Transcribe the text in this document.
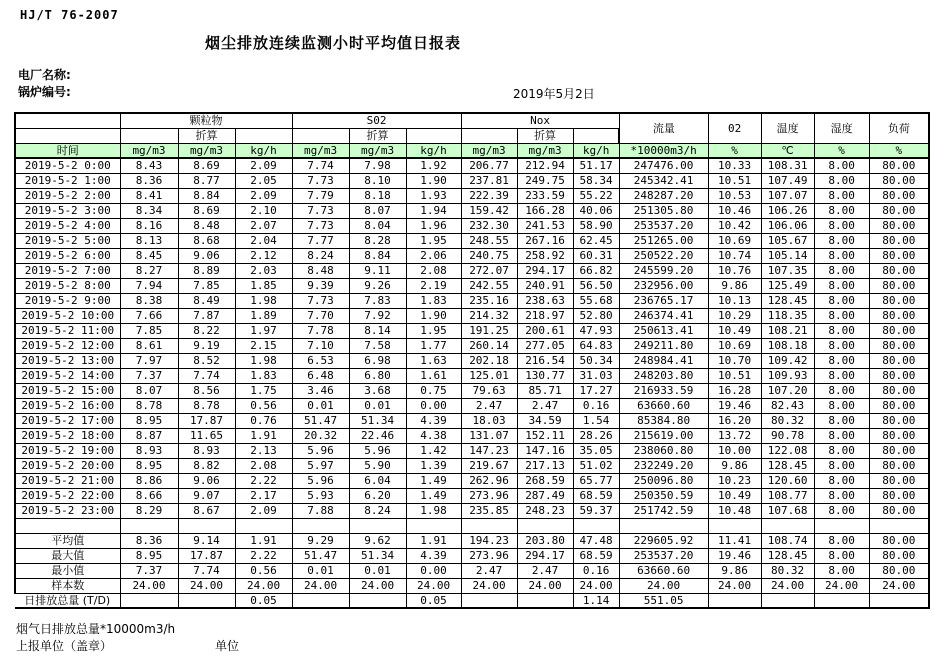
HJ/T 76-2007
烟尘排放连续监测小时平均值日报表
电厂名称:
锅炉编号:	2019年5月2日
	颗粒物			S02			Nox			流量	02	温度	湿度	负荷
		折算			折算			折算						
时间	mg/m3	mg/m3	kg/h	mg/m3	mg/m3	kg/h	mg/m3	mg/m3	kg/h	*10000m3/h	%	℃	%	%
2019-5-2 0:00	8.43	8.69	2.09	7.74	7.98	1.92	206.77	212.94	51.17	247476.00	10.33	108.31	8.00	80.00
2019-5-2 1:00	8.36	8.77	2.05	7.73	8.10	1.90	237.81	249.75	58.34	245342.41	10.51	107.49	8.00	80.00
2019-5-2 2:00	8.41	8.84	2.09	7.79	8.18	1.93	222.39	233.59	55.22	248287.20	10.53	107.07	8.00	80.00
2019-5-2 3:00	8.34	8.69	2.10	7.73	8.07	1.94	159.42	166.28	40.06	251305.80	10.46	106.26	8.00	80.00
2019-5-2 4:00	8.16	8.48	2.07	7.73	8.04	1.96	232.30	241.53	58.90	253537.20	10.42	106.06	8.00	80.00
2019-5-2 5:00	8.13	8.68	2.04	7.77	8.28	1.95	248.55	267.16	62.45	251265.00	10.69	105.67	8.00	80.00
2019-5-2 6:00	8.45	9.06	2.12	8.24	8.84	2.06	240.75	258.92	60.31	250522.20	10.74	105.14	8.00	80.00
2019-5-2 7:00	8.27	8.89	2.03	8.48	9.11	2.08	272.07	294.17	66.82	245599.20	10.76	107.35	8.00	80.00
2019-5-2 8:00	7.94	7.85	1.85	9.39	9.26	2.19	242.55	240.91	56.50	232956.00	9.86	125.49	8.00	80.00
2019-5-2 9:00	8.38	8.49	1.98	7.73	7.83	1.83	235.16	238.63	55.68	236765.17	10.13	128.45	8.00	80.00
2019-5-2 10:00	7.66	7.87	1.89	7.70	7.92	1.90	214.32	218.97	52.80	246374.41	10.29	118.35	8.00	80.00
2019-5-2 11:00	7.85	8.22	1.97	7.78	8.14	1.95	191.25	200.61	47.93	250613.41	10.49	108.21	8.00	80.00
2019-5-2 12:00	8.61	9.19	2.15	7.10	7.58	1.77	260.14	277.05	64.83	249211.80	10.69	108.18	8.00	80.00
2019-5-2 13:00	7.97	8.52	1.98	6.53	6.98	1.63	202.18	216.54	50.34	248984.41	10.70	109.42	8.00	80.00
2019-5-2 14:00	7.37	7.74	1.83	6.48	6.80	1.61	125.01	130.77	31.03	248203.80	10.51	109.93	8.00	80.00
2019-5-2 15:00	8.07	8.56	1.75	3.46	3.68	0.75	79.63	85.71	17.27	216933.59	16.28	107.20	8.00	80.00
2019-5-2 16:00	8.78	8.78	0.56	0.01	0.01	0.00	2.47	2.47	0.16	63660.60	19.46	82.43	8.00	80.00
2019-5-2 17:00	8.95	17.87	0.76	51.47	51.34	4.39	18.03	34.59	1.54	85384.80	16.20	80.32	8.00	80.00
2019-5-2 18:00	8.87	11.65	1.91	20.32	22.46	4.38	131.07	152.11	28.26	215619.00	13.72	90.78	8.00	80.00
2019-5-2 19:00	8.93	8.93	2.13	5.96	5.96	1.42	147.23	147.16	35.05	238060.80	10.00	122.08	8.00	80.00
2019-5-2 20:00	8.95	8.82	2.08	5.97	5.90	1.39	219.67	217.13	51.02	232249.20	9.86	128.45	8.00	80.00
2019-5-2 21:00	8.86	9.06	2.22	5.96	6.04	1.49	262.96	268.59	65.77	250096.80	10.23	120.60	8.00	80.00
2019-5-2 22:00	8.66	9.07	2.17	5.93	6.20	1.49	273.96	287.49	68.59	250350.59	10.49	108.77	8.00	80.00
2019-5-2 23:00	8.29	8.67	2.09	7.88	8.24	1.98	235.85	248.23	59.37	251742.59	10.48	107.68	8.00	80.00

平均值	8.36	9.14	1.91	9.29	9.62	1.91	194.23	203.80	47.48	229605.92	11.41	108.74	8.00	80.00
最大值	8.95	17.87	2.22	51.47	51.34	4.39	273.96	294.17	68.59	253537.20	19.46	128.45	8.00	80.00
最小值	7.37	7.74	0.56	0.01	0.01	0.00	2.47	2.47	0.16	63660.60	9.86	80.32	8.00	80.00
样本数	24.00	24.00	24.00	24.00	24.00	24.00	24.00	24.00	24.00	24.00	24.00	24.00	24.00	24.00
日排放总量 (T/D)			0.05			0.05			1.14	551.05				
烟气日排放总量*10000m3/h
上报单位（盖章）	单位
